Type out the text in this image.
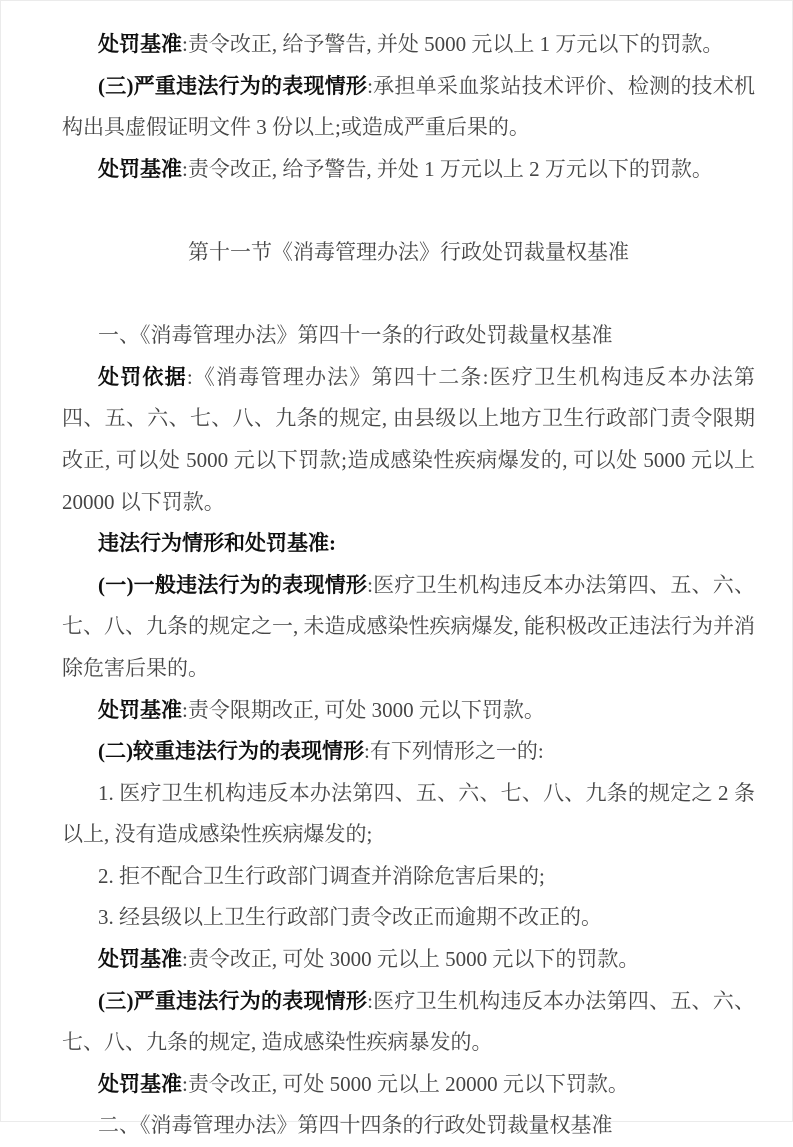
处罚基准:责令改正, 给予警告, 并处 5000 元以上 1 万元以下的罚款。

(三)严重违法行为的表现情形:承担单采血浆站技术评价、检测的技术机构出具虚假证明文件 3 份以上;或造成严重后果的。

处罚基准:责令改正, 给予警告, 并处 1 万元以上 2 万元以下的罚款。

第十一节《消毒管理办法》行政处罚裁量权基准

一、《消毒管理办法》第四十一条的行政处罚裁量权基准

处罚依据:《消毒管理办法》第四十二条:医疗卫生机构违反本办法第四、五、六、七、八、九条的规定, 由县级以上地方卫生行政部门责令限期改正, 可以处 5000 元以下罚款;造成感染性疾病爆发的, 可以处 5000 元以上 20000 以下罚款。

违法行为情形和处罚基准:

(一)一般违法行为的表现情形:医疗卫生机构违反本办法第四、五、六、七、八、九条的规定之一, 未造成感染性疾病爆发, 能积极改正违法行为并消除危害后果的。

处罚基准:责令限期改正, 可处 3000 元以下罚款。

(二)较重违法行为的表现情形:有下列情形之一的:

1. 医疗卫生机构违反本办法第四、五、六、七、八、九条的规定之 2 条以上, 没有造成感染性疾病爆发的;

2. 拒不配合卫生行政部门调查并消除危害后果的;

3. 经县级以上卫生行政部门责令改正而逾期不改正的。

处罚基准:责令改正, 可处 3000 元以上 5000 元以下的罚款。

(三)严重违法行为的表现情形:医疗卫生机构违反本办法第四、五、六、七、八、九条的规定, 造成感染性疾病暴发的。

处罚基准:责令改正, 可处 5000 元以上 20000 元以下罚款。

二、《消毒管理办法》第四十四条的行政处罚裁量权基准
